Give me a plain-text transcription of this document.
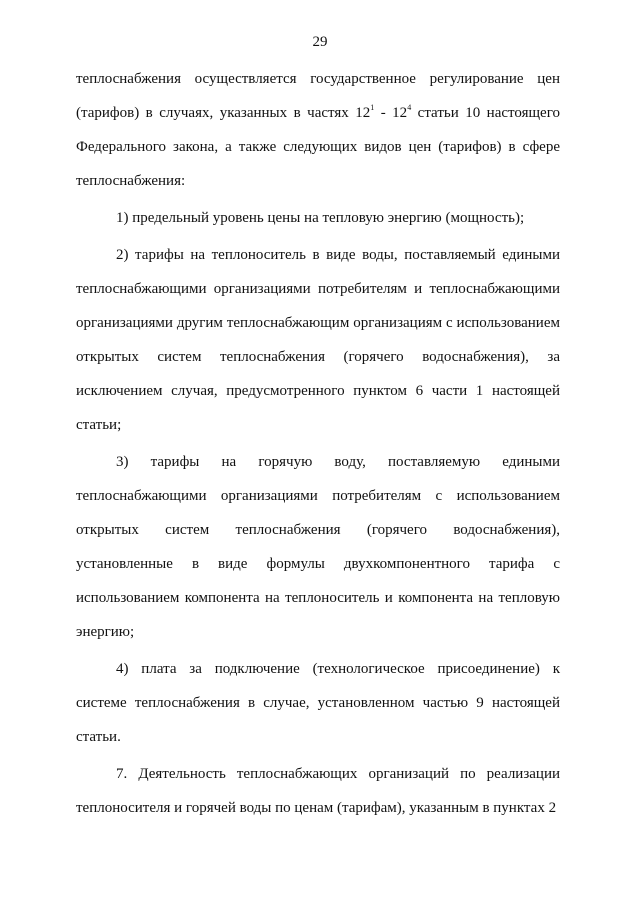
29

теплоснабжения осуществляется государственное регулирование цен (тарифов) в случаях, указанных в частях $12^1 - 12^4$ статьи 10 настоящего Федерального закона, а также следующих видов цен (тарифов) в сфере теплоснабжения:

1) предельный уровень цены на тепловую энергию (мощность);

2) тарифы на теплоноситель в виде воды, поставляемый едиными теплоснабжающими организациями потребителям и теплоснабжающими организациями другим теплоснабжающим организациям с использованием открытых систем теплоснабжения (горячего водоснабжения), за исключением случая, предусмотренного пунктом 6 части 1 настоящей статьи;

3) тарифы на горячую воду, поставляемую едиными теплоснабжающими организациями потребителям с использованием открытых систем теплоснабжения (горячего водоснабжения), установленные в виде формулы двухкомпонентного тарифа с использованием компонента на теплоноситель и компонента на тепловую энергию;

4) плата за подключение (технологическое присоединение) к системе теплоснабжения в случае, установленном частью 9 настоящей статьи.

7. Деятельность теплоснабжающих организаций по реализации теплоносителя и горячей воды по ценам (тарифам), указанным в пунктах 2
